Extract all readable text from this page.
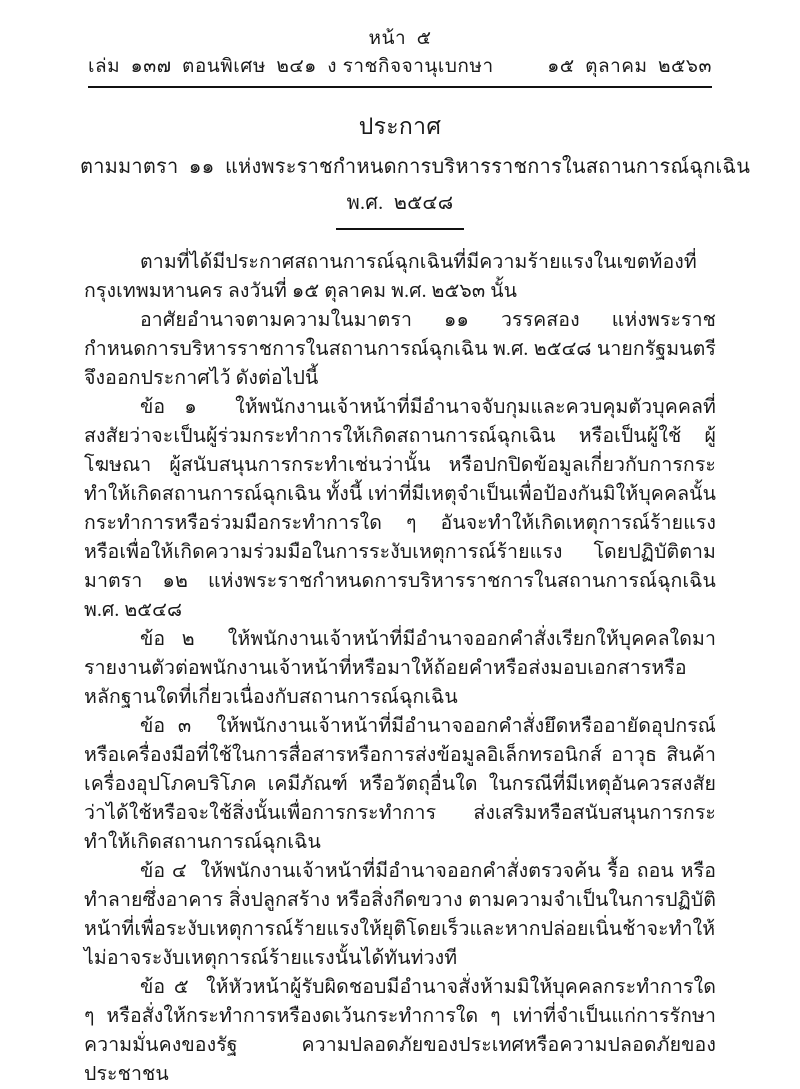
หน้า  ๕
เล่ม  ๑๓๗  ตอนพิเศษ  ๒๔๑  ง ราชกิจจานุเบกษา	๑๕  ตุลาคม  ๒๕๖๓
ประกาศ
ตามมาตรา  ๑๑  แห่งพระราชกำหนดการบริหารราชการในสถานการณ์ฉุกเฉิน
พ.ศ.  ๒๕๔๘

ตามที่ได้มีประกาศสถานการณ์ฉุกเฉินที่มีความร้ายแรงในเขตท้องที่กรุงเทพมหานคร ลงวันที่ ๑๕ ตุลาคม พ.ศ. ๒๕๖๓ นั้น

อาศัยอำนาจตามความในมาตรา ๑๑ วรรคสอง แห่งพระราชกำหนดการบริหารราชการในสถานการณ์ฉุกเฉิน พ.ศ. ๒๕๔๘ นายกรัฐมนตรีจึงออกประกาศไว้ ดังต่อไปนี้

ข้อ ๑ ให้พนักงานเจ้าหน้าที่มีอำนาจจับกุมและควบคุมตัวบุคคลที่สงสัยว่าจะเป็นผู้ร่วมกระทำการให้เกิดสถานการณ์ฉุกเฉิน หรือเป็นผู้ใช้ ผู้โฆษณา ผู้สนับสนุนการกระทำเช่นว่านั้น หรือปกปิดข้อมูลเกี่ยวกับการกระทำให้เกิดสถานการณ์ฉุกเฉิน ทั้งนี้ เท่าที่มีเหตุจำเป็นเพื่อป้องกันมิให้บุคคลนั้นกระทำการหรือร่วมมือกระทำการใด ๆ อันจะทำให้เกิดเหตุการณ์ร้ายแรง หรือเพื่อให้เกิดความร่วมมือในการระงับเหตุการณ์ร้ายแรง โดยปฏิบัติตามมาตรา ๑๒ แห่งพระราชกำหนดการบริหารราชการในสถานการณ์ฉุกเฉิน พ.ศ. ๒๕๔๘

ข้อ ๒ ให้พนักงานเจ้าหน้าที่มีอำนาจออกคำสั่งเรียกให้บุคคลใดมารายงานตัวต่อพนักงานเจ้าหน้าที่หรือมาให้ถ้อยคำหรือส่งมอบเอกสารหรือหลักฐานใดที่เกี่ยวเนื่องกับสถานการณ์ฉุกเฉิน

ข้อ ๓ ให้พนักงานเจ้าหน้าที่มีอำนาจออกคำสั่งยึดหรืออายัดอุปกรณ์หรือเครื่องมือที่ใช้ในการสื่อสารหรือการส่งข้อมูลอิเล็กทรอนิกส์ อาวุธ สินค้า เครื่องอุปโภคบริโภค เคมีภัณฑ์ หรือวัตถุอื่นใด ในกรณีที่มีเหตุอันควรสงสัยว่าได้ใช้หรือจะใช้สิ่งนั้นเพื่อการกระทำการ ส่งเสริมหรือสนับสนุนการกระทำให้เกิดสถานการณ์ฉุกเฉิน

ข้อ ๔ ให้พนักงานเจ้าหน้าที่มีอำนาจออกคำสั่งตรวจค้น รื้อ ถอน หรือทำลายซึ่งอาคาร สิ่งปลูกสร้าง หรือสิ่งกีดขวาง ตามความจำเป็นในการปฏิบัติหน้าที่เพื่อระงับเหตุการณ์ร้ายแรงให้ยุติโดยเร็วและหากปล่อยเนิ่นช้าจะทำให้ไม่อาจระงับเหตุการณ์ร้ายแรงนั้นได้ทันท่วงที

ข้อ ๕ ให้หัวหน้าผู้รับผิดชอบมีอำนาจสั่งห้ามมิให้บุคคลกระทำการใด ๆ หรือสั่งให้กระทำการหรืองดเว้นกระทำการใด ๆ เท่าที่จำเป็นแก่การรักษาความมั่นคงของรัฐ ความปลอดภัยของประเทศหรือความปลอดภัยของประชาชน
